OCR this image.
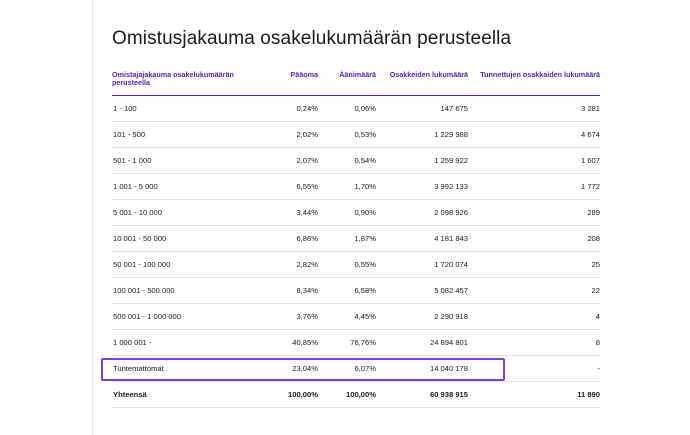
Omistusjakauma osakelukumäärän perusteella
Omistajajakauma osakelukumäärän perusteella	Pääoma	Äänimäärä	Osakkeiden lukumäärä	Tunnettujen osakkaiden lukumäärä
1 - 100	0,24%	0,06%	147 675	3 281
101 - 500	2,02%	0,53%	1 229 988	4 674
501 - 1 000	2,07%	0,54%	1 259 922	1 607
1 001 - 5 000	6,55%	1,70%	3 992 133	1 772
5 001 - 10 000	3,44%	0,90%	2 098 926	289
10 001 - 50 000	6,86%	1,87%	4 181 843	208
50 001 - 100 000	2,82%	0,55%	1 720 074	25
100 001 - 500 000	8,34%	6,58%	5 082 457	22
500 001 - 1 000 000	3,76%	4,45%	2 290 918	4
1 000 001 -	40,85%	76,76%	24 894 801	8
Tuntemattomat	23,04%	6,07%	14 040 178	-
Yhteensä	100,00%	100,00%	60 938 915	11 890
